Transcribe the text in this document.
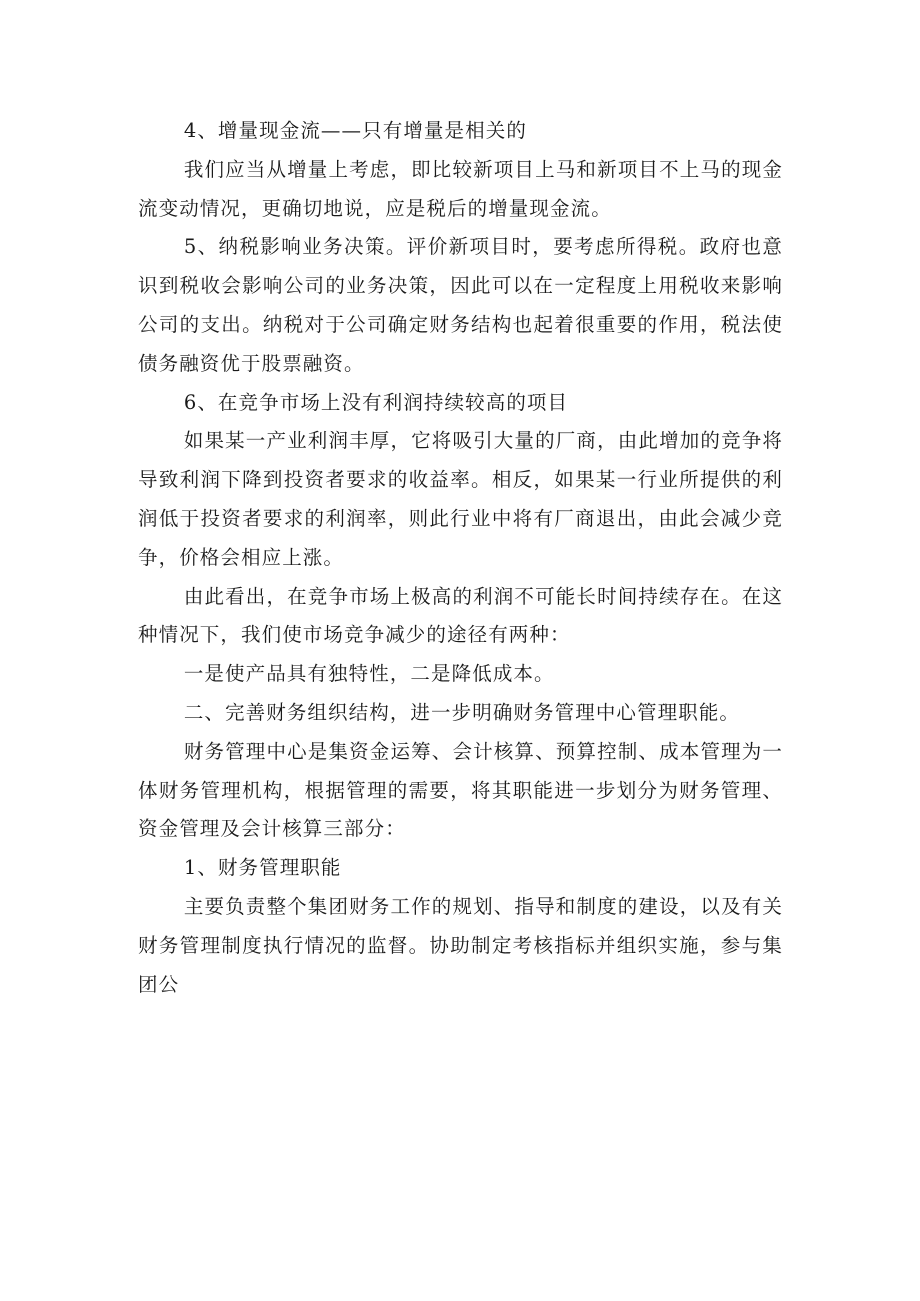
4、增量现金流——只有增量是相关的

我们应当从增量上考虑，即比较新项目上马和新项目不上马的现金流变动情况，更确切地说，应是税后的增量现金流。

5、纳税影响业务决策。评价新项目时，要考虑所得税。政府也意识到税收会影响公司的业务决策，因此可以在一定程度上用税收来影响公司的支出。纳税对于公司确定财务结构也起着很重要的作用，税法使债务融资优于股票融资。

6、在竞争市场上没有利润持续较高的项目

如果某一产业利润丰厚，它将吸引大量的厂商，由此增加的竞争将导致利润下降到投资者要求的收益率。相反，如果某一行业所提供的利润低于投资者要求的利润率，则此行业中将有厂商退出，由此会减少竞争，价格会相应上涨。

由此看出，在竞争市场上极高的利润不可能长时间持续存在。在这种情况下，我们使市场竞争减少的途径有两种：

一是使产品具有独特性，二是降低成本。

二、完善财务组织结构，进一步明确财务管理中心管理职能。

财务管理中心是集资金运筹、会计核算、预算控制、成本管理为一体财务管理机构，根据管理的需要，将其职能进一步划分为财务管理、资金管理及会计核算三部分：

1、财务管理职能

主要负责整个集团财务工作的规划、指导和制度的建设，以及有关财务管理制度执行情况的监督。协助制定考核指标并组织实施，参与集团公
